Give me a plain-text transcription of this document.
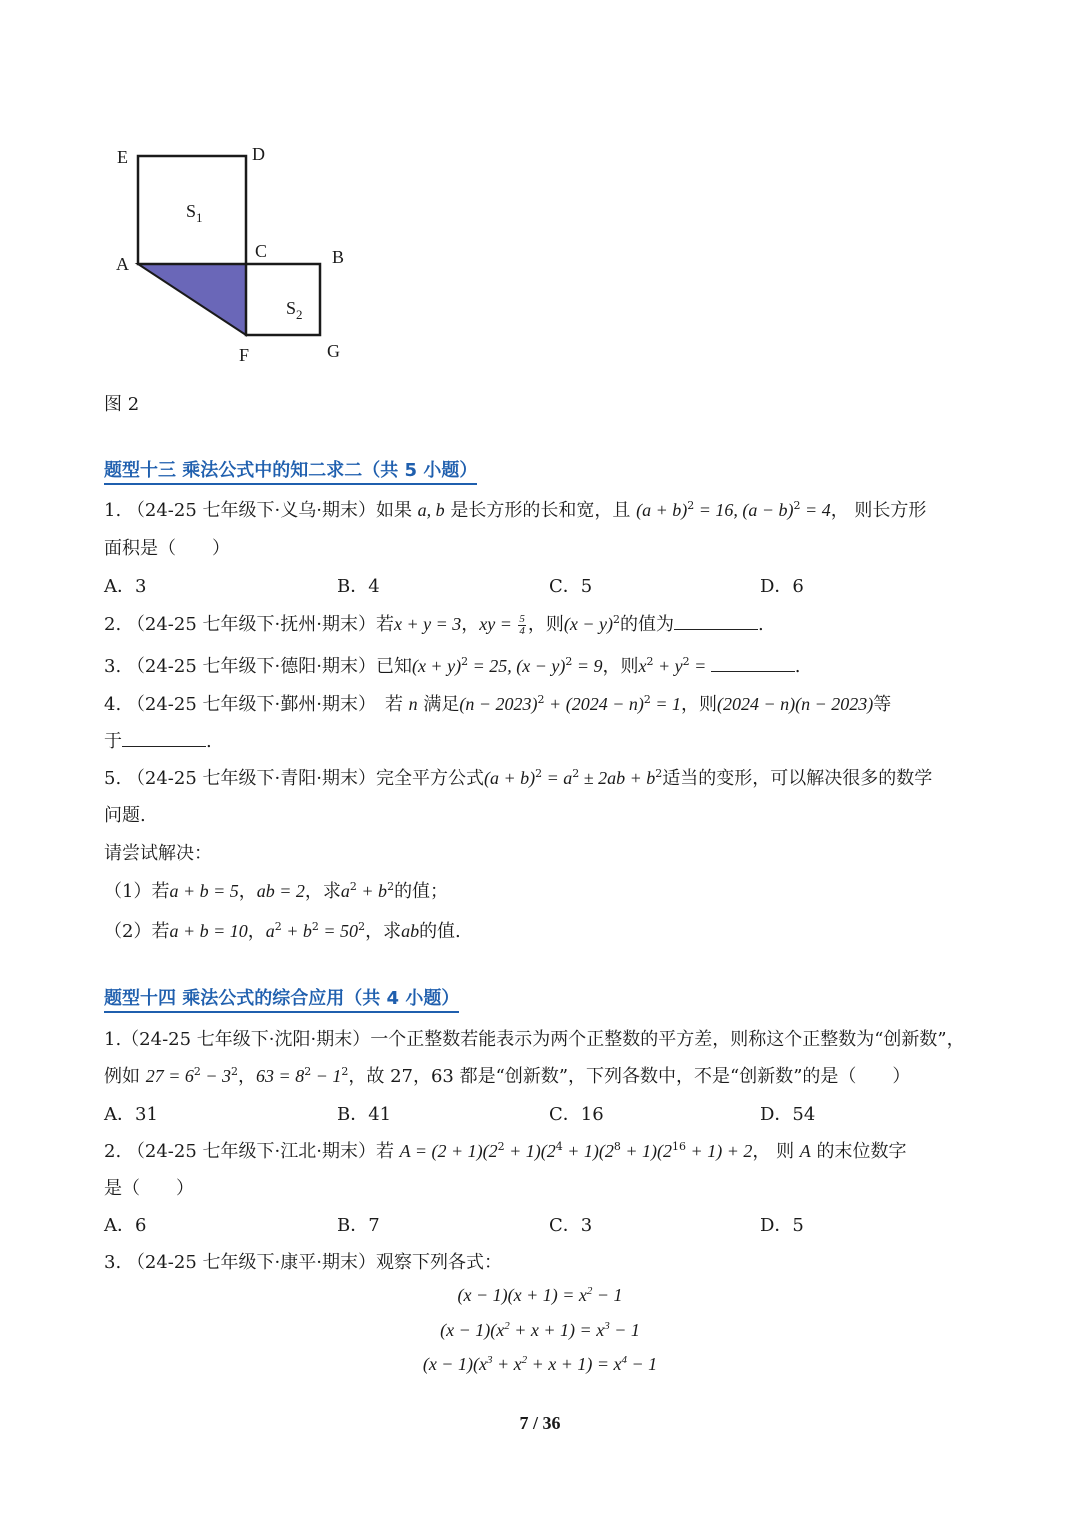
E	D
A
C	B
F	G
$S_1$
$S_2$
图 2
题型十三 乘法公式中的知二求二（共 5 小题）
1. （24-25 七年级下·义乌·期末）如果 a, b 是长方形的长和宽，且 $(a + b)^2 = 16$, $(a - b)^2 = 4$， 则长方形
面积是（　　）
A．3	B．4	C．5	D．6
2. （24-25 七年级下·抚州·期末）若x + y = 3，xy = $\frac{5}{4}$ ，则$(x - y)^2$的值为	.
3. （24-25 七年级下·德阳·期末）已知$(x + y)^2 = 25$, $(x - y)^2 = 9$，则$x^2 + y^2$ =	.
4. （24-25 七年级下·鄞州·期末）　若 n 满足$(n - 2023)^2 + (2024 - n)^2 = 1$，则(2024 − n)(n − 2023)等
于	.
5. （24-25 七年级下·青阳·期末）完全平方公式$(a + b)^2 = a^2 \pm 2ab + b^2$适当的变形，可以解决很多的数学
问题.
请尝试解决：
（1）若a + b = 5，ab = 2，求$a^2 + b^2$的值；
（2）若a + b = 10，$a^2 + b^2 = 50^2$，求ab的值.
题型十四 乘法公式的综合应用（共 4 小题）
1.（24-25 七年级下·沈阳·期末）一个正整数若能表示为两个正整数的平方差，则称这个正整数为“创新数”，
例如 $27 = 6^2 - 3^2$，$63 = 8^2 - 1^2$，故 27，63 都是“创新数”，下列各数中，不是“创新数”的是（　　）
A．31	B．41	C．16	D．54
2. （24-25 七年级下·江北·期末）若 $A = (2 + 1)(2^2 + 1)(2^4 + 1)(2^8 + 1)(2^{16} + 1) + 2$， 则 A 的末位数字
是（　　）
A．6	B．7	C．3	D．5
3. （24-25 七年级下·康平·期末）观察下列各式：
$(x - 1)(x + 1) = x^2 - 1$
$(x - 1)(x^2 + x + 1) = x^3 - 1$
$(x - 1)(x^3 + x^2 + x + 1) = x^4 - 1$
7 / 36
